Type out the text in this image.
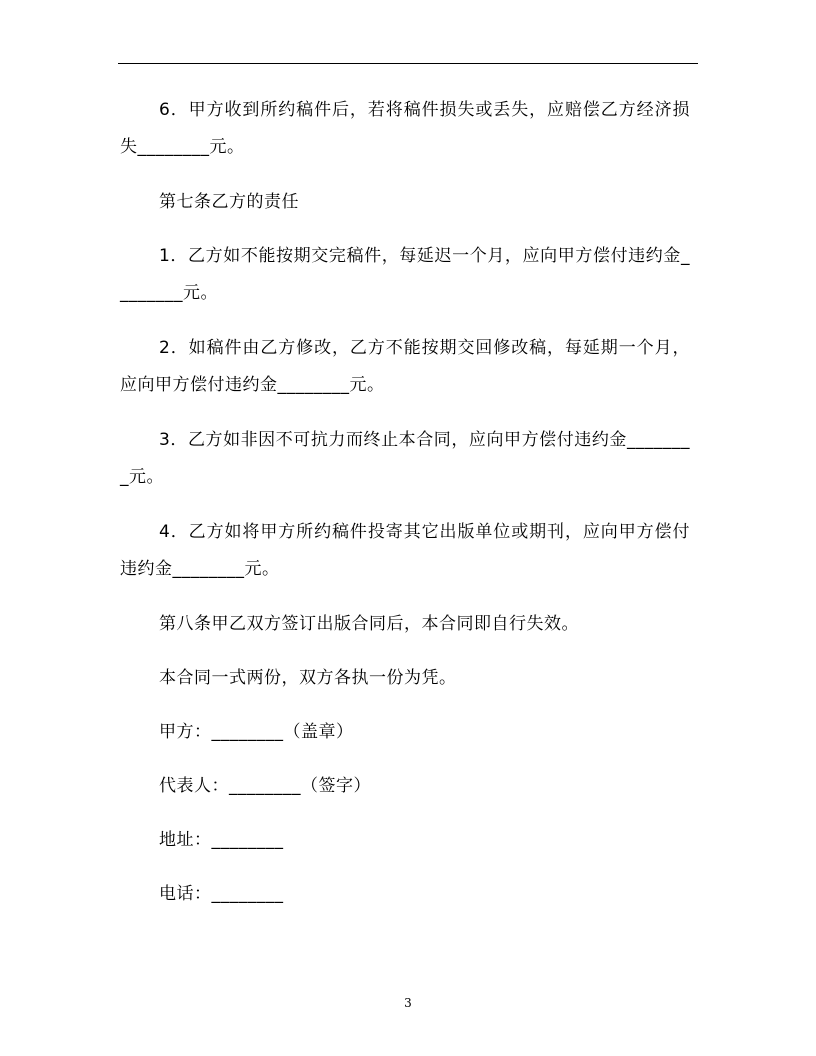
6．甲方收到所约稿件后，若将稿件损失或丢失，应赔偿乙方经济损失________元。

第七条乙方的责任

1．乙方如不能按期交完稿件，每延迟一个月，应向甲方偿付违约金________元。

2．如稿件由乙方修改，乙方不能按期交回修改稿，每延期一个月，应向甲方偿付违约金________元。

3．乙方如非因不可抗力而终止本合同，应向甲方偿付违约金________元。

4．乙方如将甲方所约稿件投寄其它出版单位或期刊，应向甲方偿付违约金________元。

第八条甲乙双方签订出版合同后，本合同即自行失效。

本合同一式两份，双方各执一份为凭。

甲方：________（盖章）

代表人：________（签字）

地址：________

电话：________

3
